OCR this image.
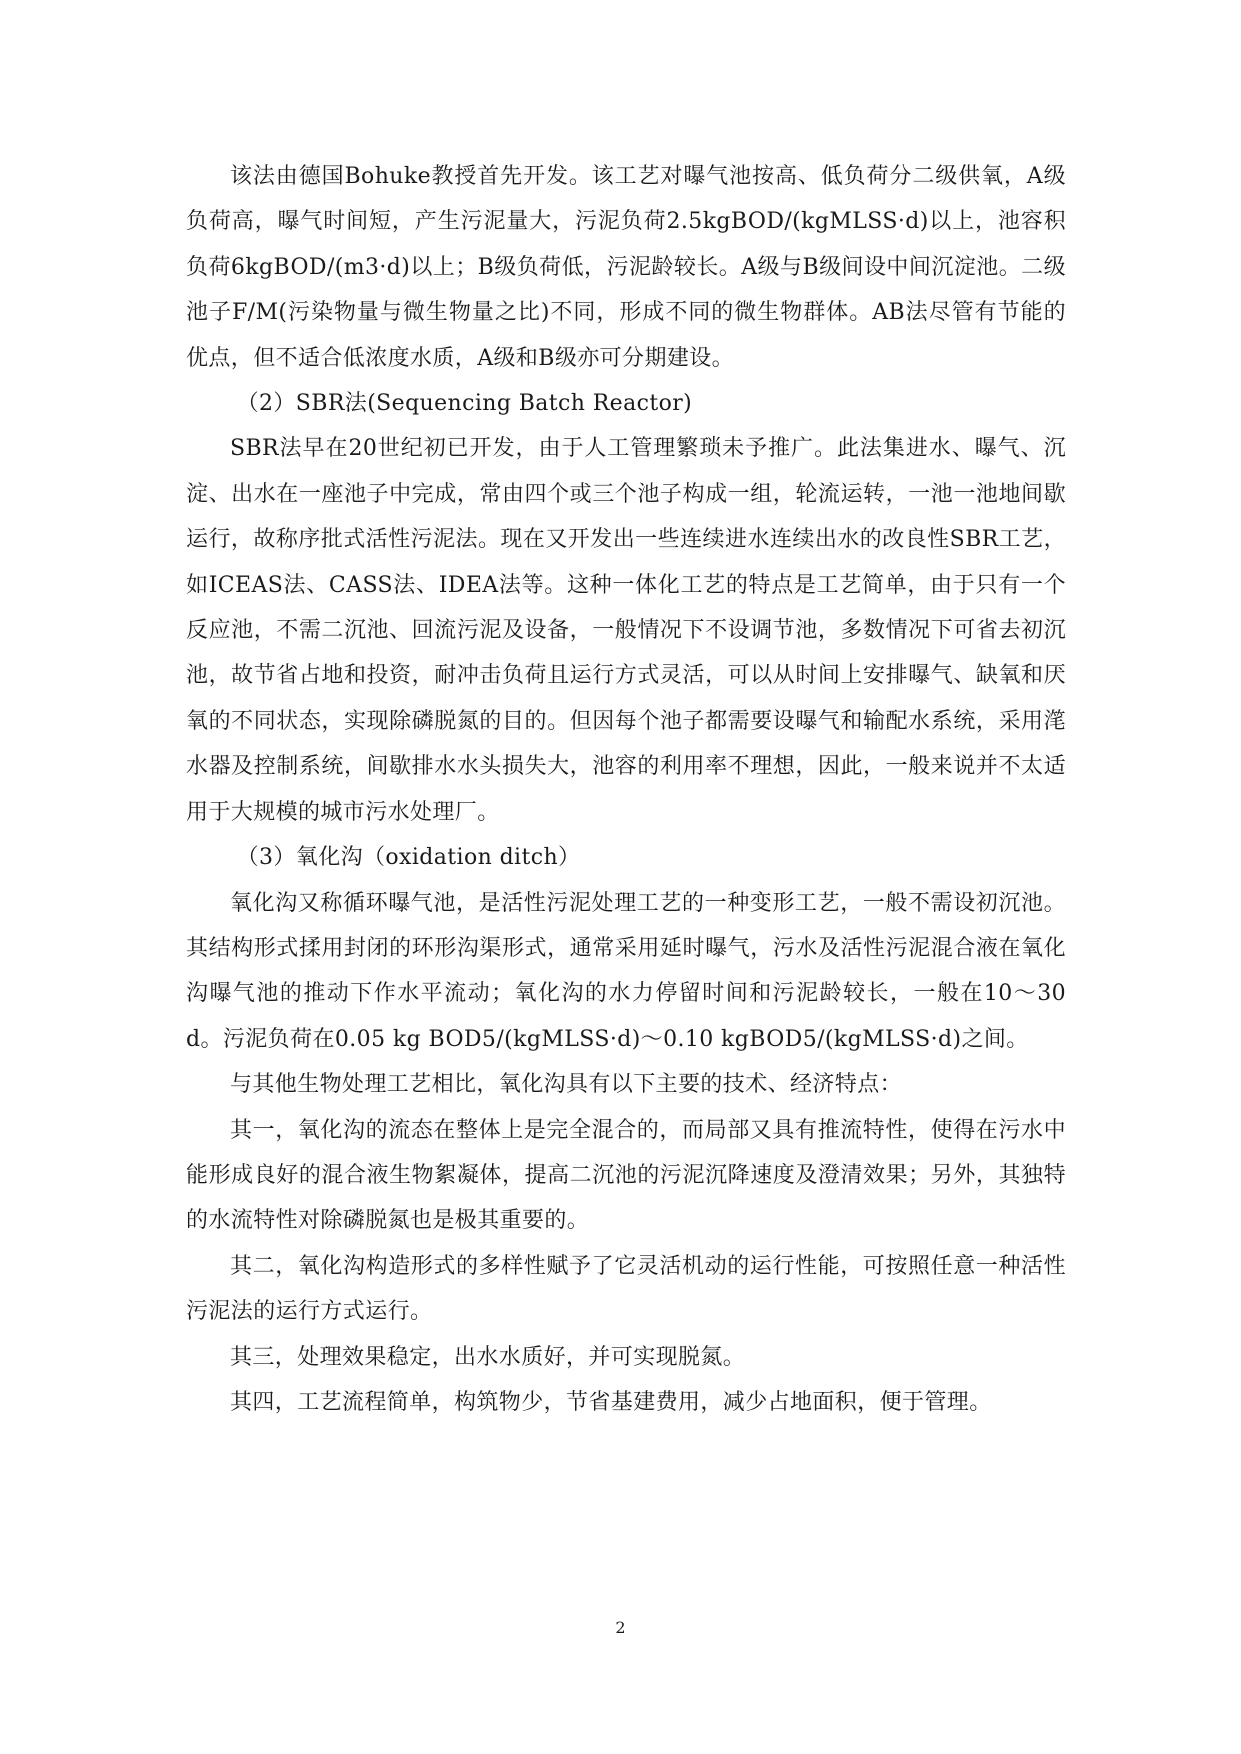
该法由德国Bohuke教授首先开发。该工艺对曝气池按高、低负荷分二级供氧，A级负荷高，曝气时间短，产生污泥量大，污泥负荷2.5kgBOD/(kgMLSS·d)以上，池容积负荷6kgBOD/(m3·d)以上；B级负荷低，污泥龄较长。A级与B级间设中间沉淀池。二级池子F/M(污染物量与微生物量之比)不同，形成不同的微生物群体。AB法尽管有节能的优点，但不适合低浓度水质，A级和B级亦可分期建设。

（2）SBR法(Sequencing Batch Reactor)

SBR法早在20世纪初已开发，由于人工管理繁琐未予推广。此法集进水、曝气、沉淀、出水在一座池子中完成，常由四个或三个池子构成一组，轮流运转，一池一池地间歇运行，故称序批式活性污泥法。现在又开发出一些连续进水连续出水的改良性SBR工艺，如ICEAS法、CASS法、IDEA法等。这种一体化工艺的特点是工艺简单，由于只有一个反应池，不需二沉池、回流污泥及设备，一般情况下不设调节池，多数情况下可省去初沉池，故节省占地和投资，耐冲击负荷且运行方式灵活，可以从时间上安排曝气、缺氧和厌氧的不同状态，实现除磷脱氮的目的。但因每个池子都需要设曝气和输配水系统，采用滗水器及控制系统，间歇排水水头损失大，池容的利用率不理想，因此，一般来说并不太适用于大规模的城市污水处理厂。

（3）氧化沟（oxidation ditch）

氧化沟又称循环曝气池，是活性污泥处理工艺的一种变形工艺，一般不需设初沉池。其结构形式揉用封闭的环形沟渠形式，通常采用延时曝气，污水及活性污泥混合液在氧化沟曝气池的推动下作水平流动；氧化沟的水力停留时间和污泥龄较长，一般在10～30 d。污泥负荷在0.05 kg BOD5/(kgMLSS·d)～0.10 kgBOD5/(kgMLSS·d)之间。

与其他生物处理工艺相比，氧化沟具有以下主要的技术、经济特点：

其一，氧化沟的流态在整体上是完全混合的，而局部又具有推流特性，使得在污水中能形成良好的混合液生物絮凝体，提高二沉池的污泥沉降速度及澄清效果；另外，其独特的水流特性对除磷脱氮也是极其重要的。

其二，氧化沟构造形式的多样性赋予了它灵活机动的运行性能，可按照任意一种活性污泥法的运行方式运行。

其三，处理效果稳定，出水水质好，并可实现脱氮。

其四，工艺流程简单，构筑物少，节省基建费用，减少占地面积，便于管理。

2
